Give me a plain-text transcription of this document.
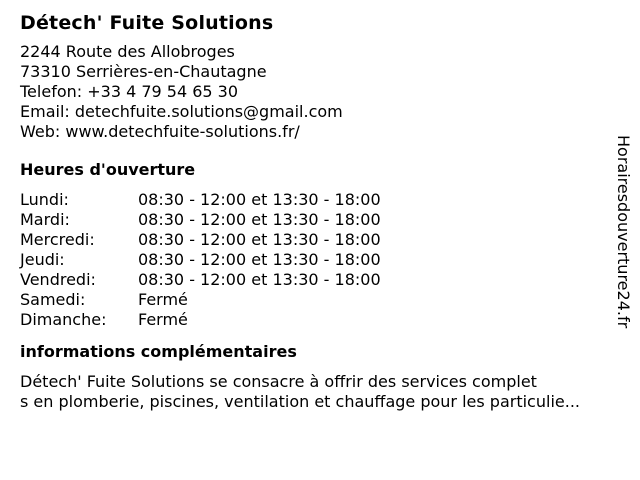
Détech' Fuite Solutions
2244 Route des Allobroges
73310 Serrières-en-Chautagne
Telefon: +33 4 79 54 65 30
Email: detechfuite.solutions@gmail.com
Web: www.detechfuite-solutions.fr/
Heures d'ouverture
Lundi:	08:30 - 12:00 et 13:30 - 18:00
Mardi:	08:30 - 12:00 et 13:30 - 18:00
Mercredi:	08:30 - 12:00 et 13:30 - 18:00
Jeudi:	08:30 - 12:00 et 13:30 - 18:00
Vendredi:	08:30 - 12:00 et 13:30 - 18:00
Samedi:	Fermé
Dimanche:	Fermé
informations complémentaires
Détech' Fuite Solutions se consacre à offrir des services complet
s en plomberie, piscines, ventilation et chauffage pour les particulie...
Horairesdouverture24.fr
